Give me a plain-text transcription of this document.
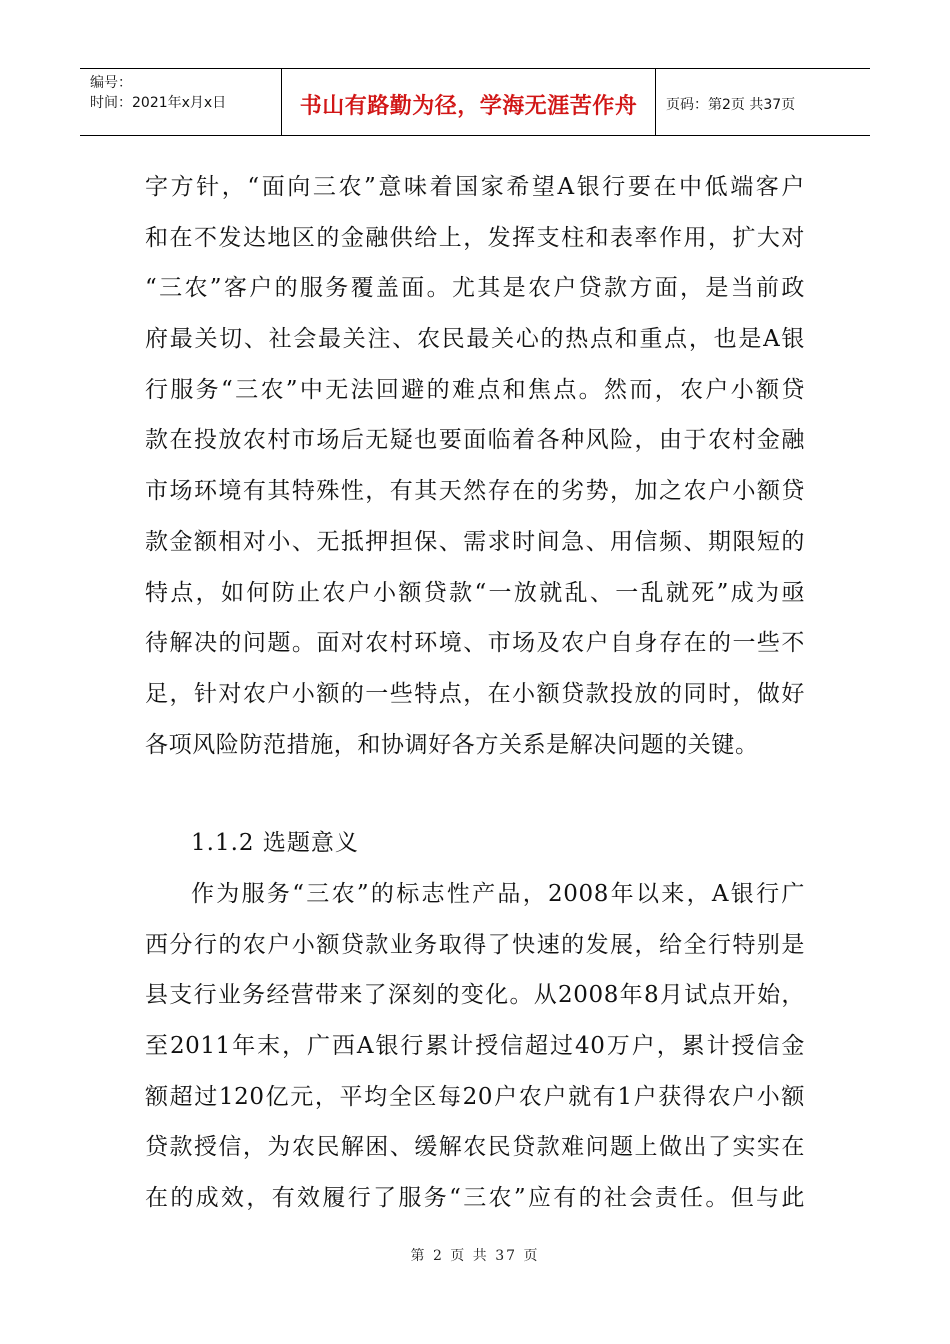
编号：
时间：2021年x月x日	书山有路勤为径，学海无涯苦作舟	页码：第2页 共37页
字方针，“面向三农”意味着国家希望A银行要在中低端客户
和在不发达地区的金融供给上，发挥支柱和表率作用，扩大对
“三农”客户的服务覆盖面。尤其是农户贷款方面，是当前政
府最关切、社会最关注、农民最关心的热点和重点，也是A银
行服务“三农”中无法回避的难点和焦点。然而，农户小额贷
款在投放农村市场后无疑也要面临着各种风险，由于农村金融
市场环境有其特殊性，有其天然存在的劣势，加之农户小额贷
款金额相对小、无抵押担保、需求时间急、用信频、期限短的
特点，如何防止农户小额贷款“一放就乱、一乱就死”成为亟
待解决的问题。面对农村环境、市场及农户自身存在的一些不
足，针对农户小额的一些特点，在小额贷款投放的同时，做好
各项风险防范措施，和协调好各方关系是解决问题的关键。
1.1.2 选题意义
作为服务“三农”的标志性产品，2008年以来，A银行广
西分行的农户小额贷款业务取得了快速的发展，给全行特别是
县支行业务经营带来了深刻的变化。从2008年8月试点开始，
至2011年末，广西A银行累计授信超过40万户，累计授信金
额超过120亿元，平均全区每20户农户就有1户获得农户小额
贷款授信，为农民解困、缓解农民贷款难问题上做出了实实在
在的成效，有效履行了服务“三农”应有的社会责任。但与此
第 2 页 共 37 页
